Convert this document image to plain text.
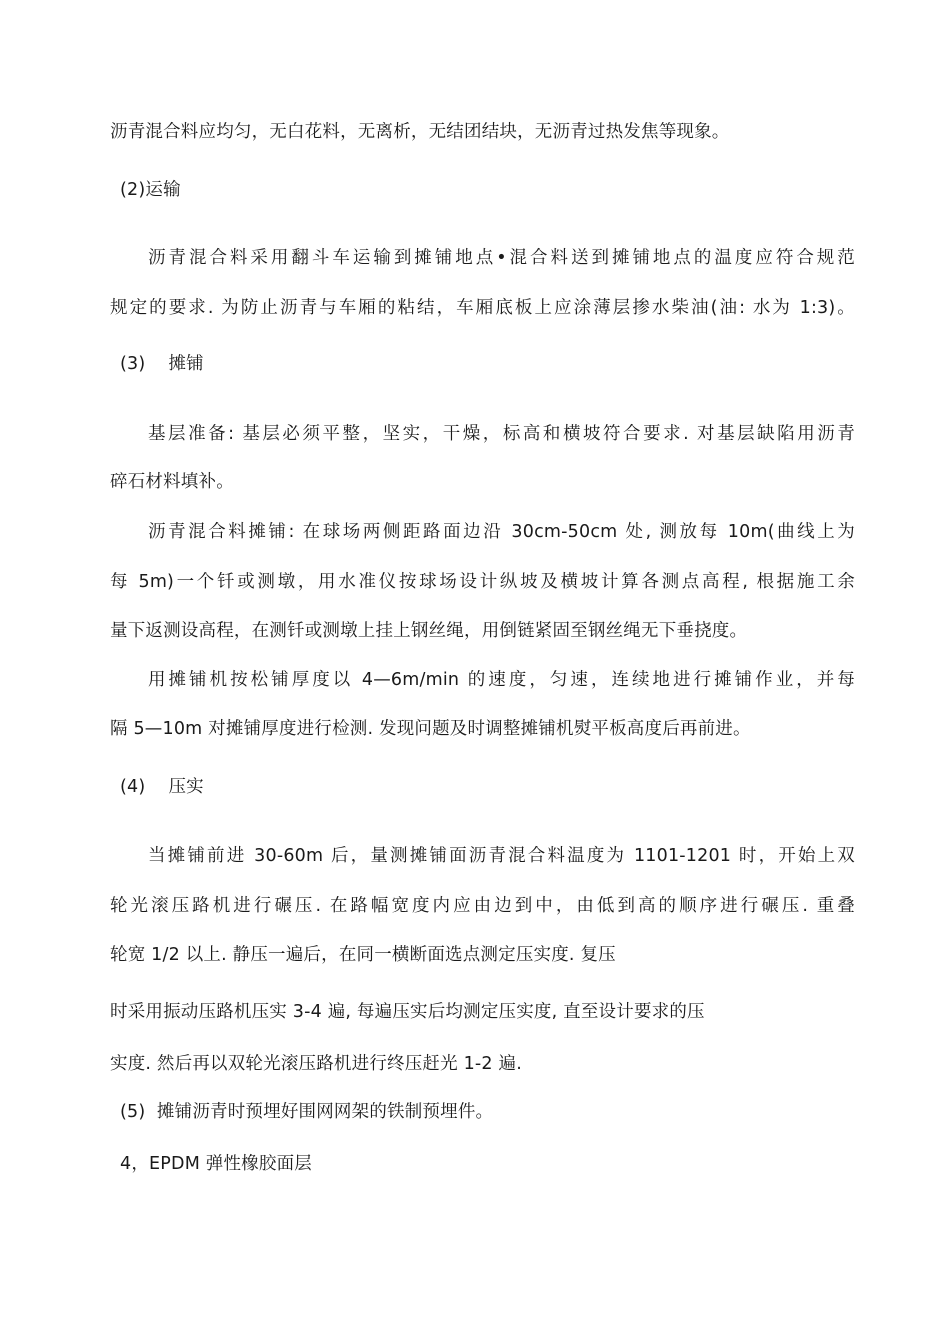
沥青混合料应均匀，无白花料，无离析，无结团结块，无沥青过热发焦等现象。
(2)运输
沥青混合料采用翻斗车运输到摊铺地点•混合料送到摊铺地点的温度应符合规范
规定的要求. 为防止沥青与车厢的粘结，车厢底板上应涂薄层掺水柴油(油: 水为 1:3)。
(3)    摊铺
基层准备: 基层必须平整，坚实，干燥，标高和横坡符合要求. 对基层缺陷用沥青
碎石材料填补。
沥青混合料摊铺: 在球场两侧距路面边沿 30cm-50cm 处, 测放每 10m(曲线上为
每 5m)一个钎或测墩，用水准仪按球场设计纵坡及横坡计算各测点高程, 根据施工余
量下返测设高程，在测钎或测墩上挂上钢丝绳，用倒链紧固至钢丝绳无下垂挠度。
用摊铺机按松铺厚度以 4—6m/min 的速度，匀速，连续地进行摊铺作业，并每
隔 5—10m 对摊铺厚度进行检测. 发现问题及时调整摊铺机熨平板高度后再前进。
(4)    压实
当摊铺前进 30-60m 后，量测摊铺面沥青混合料温度为 1101-1201 时，开始上双
轮光滚压路机进行碾压. 在路幅宽度内应由边到中，由低到高的顺序进行碾压. 重叠
轮宽 1/2 以上. 静压一遍后，在同一横断面选点测定压实度. 复压
时采用振动压路机压实 3-4 遍, 每遍压实后均测定压实度, 直至设计要求的压
实度. 然后再以双轮光滚压路机进行终压赶光 1-2 遍.
(5)  摊铺沥青时预埋好围网网架的铁制预埋件。
4，EPDM 弹性橡胶面层
